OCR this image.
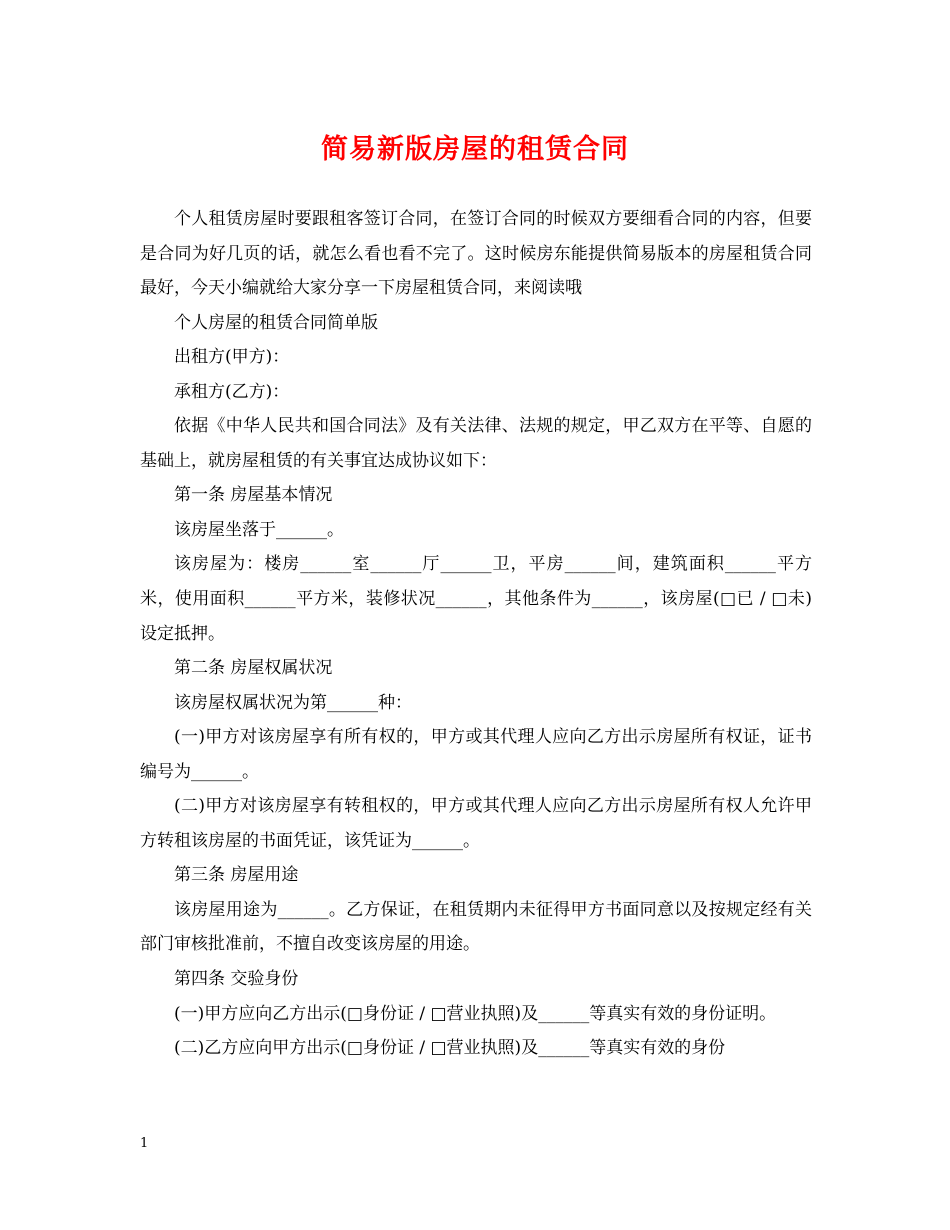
简易新版房屋的租赁合同

个人租赁房屋时要跟租客签订合同，在签订合同的时候双方要细看合同的内容，但要是合同为好几页的话，就怎么看也看不完了。这时候房东能提供简易版本的房屋租赁合同最好，今天小编就给大家分享一下房屋租赁合同，来阅读哦

个人房屋的租赁合同简单版

出租方(甲方)：

承租方(乙方)：

依据《中华人民共和国合同法》及有关法律、法规的规定，甲乙双方在平等、自愿的基础上，就房屋租赁的有关事宜达成协议如下：

第一条 房屋基本情况

该房屋坐落于______。

该房屋为：楼房______室______厅______卫，平房______间，建筑面积______平方米，使用面积______平方米，装修状况______，其他条件为______，该房屋(□已 / □未)设定抵押。

第二条 房屋权属状况

该房屋权属状况为第______种：

(一)甲方对该房屋享有所有权的，甲方或其代理人应向乙方出示房屋所有权证，证书编号为______。

(二)甲方对该房屋享有转租权的，甲方或其代理人应向乙方出示房屋所有权人允许甲方转租该房屋的书面凭证，该凭证为______。

第三条 房屋用途

该房屋用途为______。乙方保证，在租赁期内未征得甲方书面同意以及按规定经有关部门审核批准前，不擅自改变该房屋的用途。

第四条 交验身份

(一)甲方应向乙方出示(□身份证 / □营业执照)及______等真实有效的身份证明。

(二)乙方应向甲方出示(□身份证 / □营业执照)及______等真实有效的身份

1
